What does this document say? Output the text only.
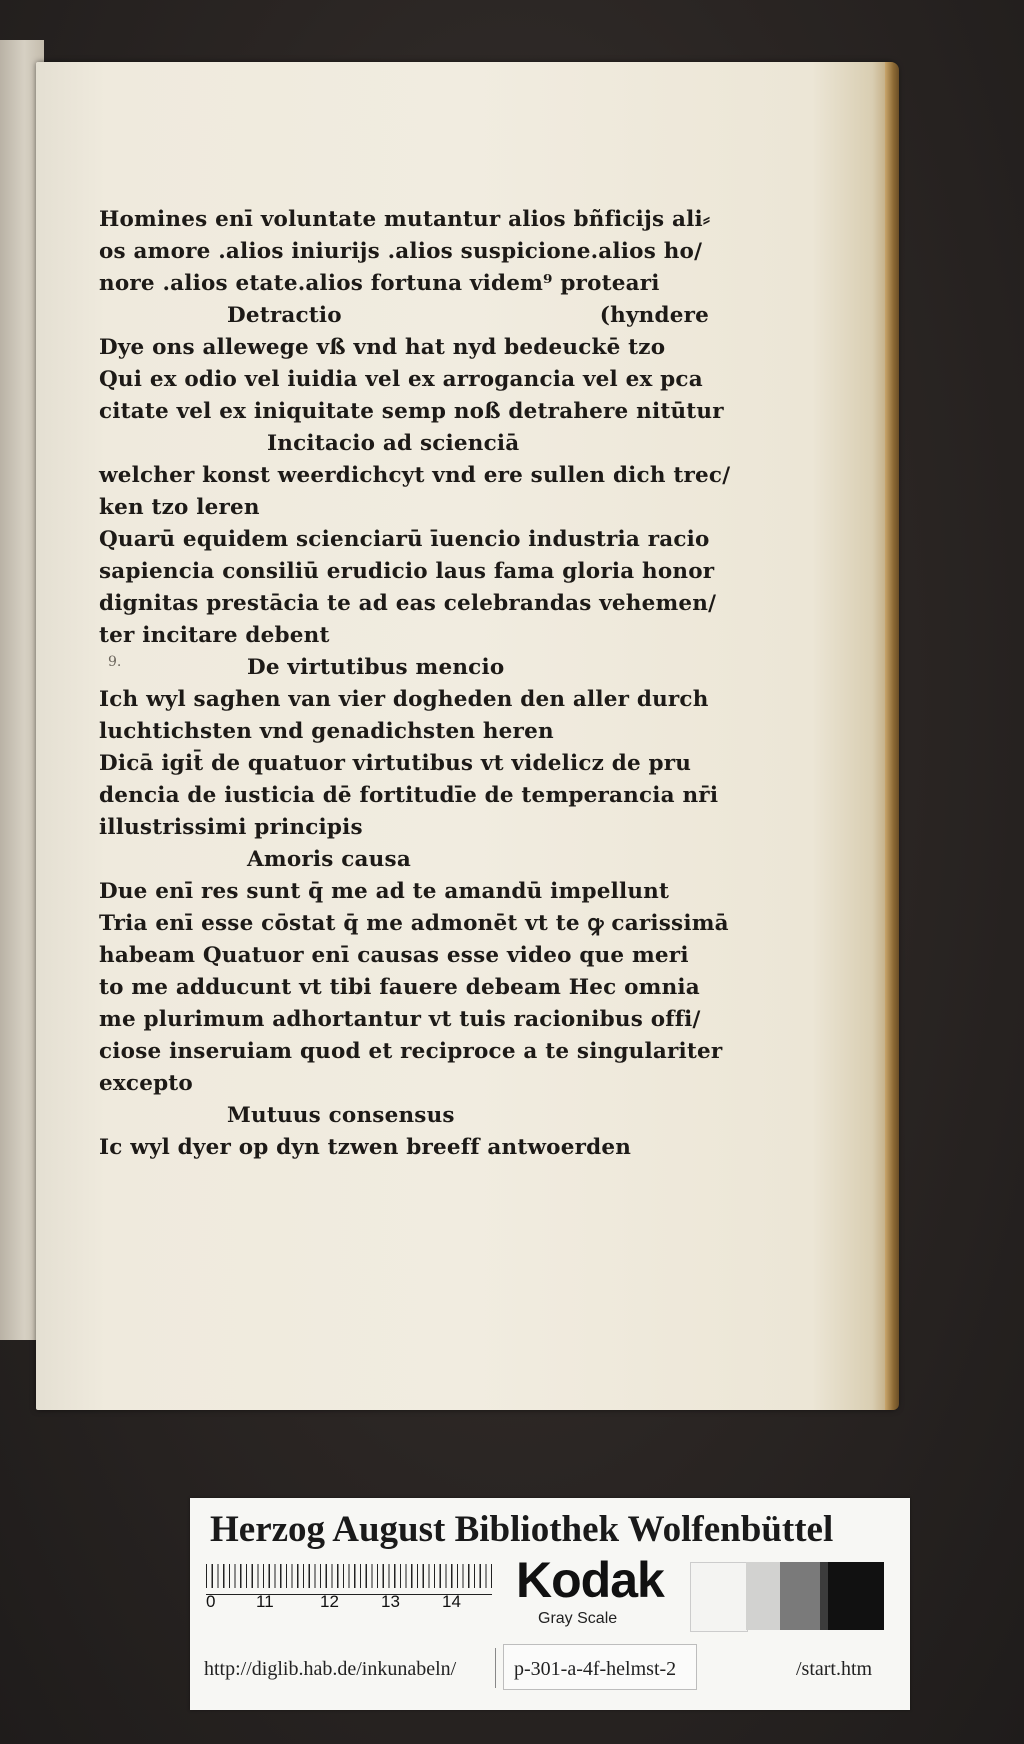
Homines enī voluntate mutantur alios bñficijs ali⸗
os amore .alios iniurijs .alios suspicione.alios ho/
nore .alios etate.alios fortuna videm⁹ proteari
Detractio	(hyndere
Dye ons allewege vß vnd hat nyd bedeuckē tzo
Qui ex odio vel iuidia vel ex arrogancia vel ex pca
citate vel ex iniquitate semp noß detrahere nitūtur
Incitacio ad scienciā
welcher konst weerdichcyt vnd ere sullen dich trec/
ken tzo leren
Quarū equidem scienciarū īuencio industria racio
sapiencia consiliū erudicio laus fama gloria honor
dignitas prestācia te ad eas celebrandas vehemen/
ter incitare debent
De virtutibus mencio
Ich wyl saghen van vier dogheden den aller durch
luchtichsten vnd genadichsten heren
Dicā igit̄ de quatuor virtutibus vt videlicz de pru
dencia de iusticia dē fortitudīe de temperancia nr̄i
illustrissimi principis
Amoris causa
Due enī res sunt q̄ me ad te amandū impellunt
Tria enī esse cōstat q̄ me admonēt vt te ꝙ carissimā
habeam Quatuor enī causas esse video que meri
to me adducunt vt tibi fauere debeam Hec omnia
me plurimum adhortantur vt tuis racionibus offi/
ciose inseruiam quod et reciproce a te singulariter
excepto
Mutuus consensus
Ic wyl dyer op dyn tzwen breeff antwoerden
9.
Herzog August Bibliothek Wolfenbüttel
0 11	12 13 14 Kodak
Gray Scale
http://diglib.hab.de/inkunabeln/	p-301-a-4f-helmst-2	/start.htm
